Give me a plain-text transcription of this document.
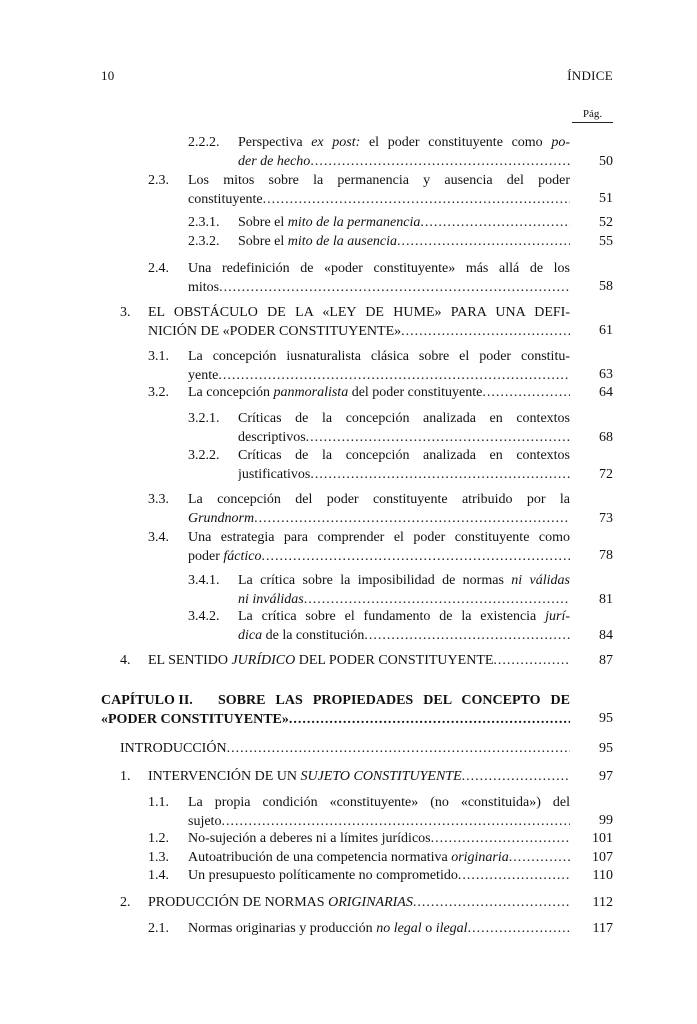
10	ÍNDICE
Pág.
2.2.2. Perspectiva ex post: el poder constituyente como po-
der de hecho .....	50
2.3. Los mitos sobre la permanencia y ausencia del poder
constituyente .....	51
2.3.1. Sobre el mito de la permanencia .....	52
2.3.2. Sobre el mito de la ausencia .....	55
2.4. Una redefinición de «poder constituyente» más allá de los
mitos .....	58
3. EL OBSTÁCULO DE LA «LEY DE HUME» PARA UNA DEFI-
NICIÓN DE «PODER CONSTITUYENTE» .....	61
3.1. La concepción iusnaturalista clásica sobre el poder constitu-
yente .....	63
3.2. La concepción panmoralista del poder constituyente .....	64
3.2.1. Críticas de la concepción analizada en contextos
descriptivos .....	68
3.2.2. Críticas de la concepción analizada en contextos
justificativos .....	72
3.3. La concepción del poder constituyente atribuido por la
Grundnorm .....	73
3.4. Una estrategia para comprender el poder constituyente como
poder fáctico .....	78
3.4.1. La crítica sobre la imposibilidad de normas ni válidas
ni inválidas .....	81
3.4.2. La crítica sobre el fundamento de la existencia jurí-
dica de la constitución .....	84
4. EL SENTIDO JURÍDICO DEL PODER CONSTITUYENTE .....	87
CAPÍTULO II. SOBRE LAS PROPIEDADES DEL CONCEPTO DE
«PODER CONSTITUYENTE» .....	95
INTRODUCCIÓN .....	95
1. INTERVENCIÓN DE UN SUJETO CONSTITUYENTE .....	97
1.1. La propia condición «constituyente» (no «constituida») del
sujeto .....	99
1.2. No-sujeción a deberes ni a límites jurídicos .....	101
1.3. Autoatribución de una competencia normativa originaria .....	107
1.4. Un presupuesto políticamente no comprometido .....	110
2. PRODUCCIÓN DE NORMAS ORIGINARIAS .....	112
2.1. Normas originarias y producción no legal o ilegal .....	117
